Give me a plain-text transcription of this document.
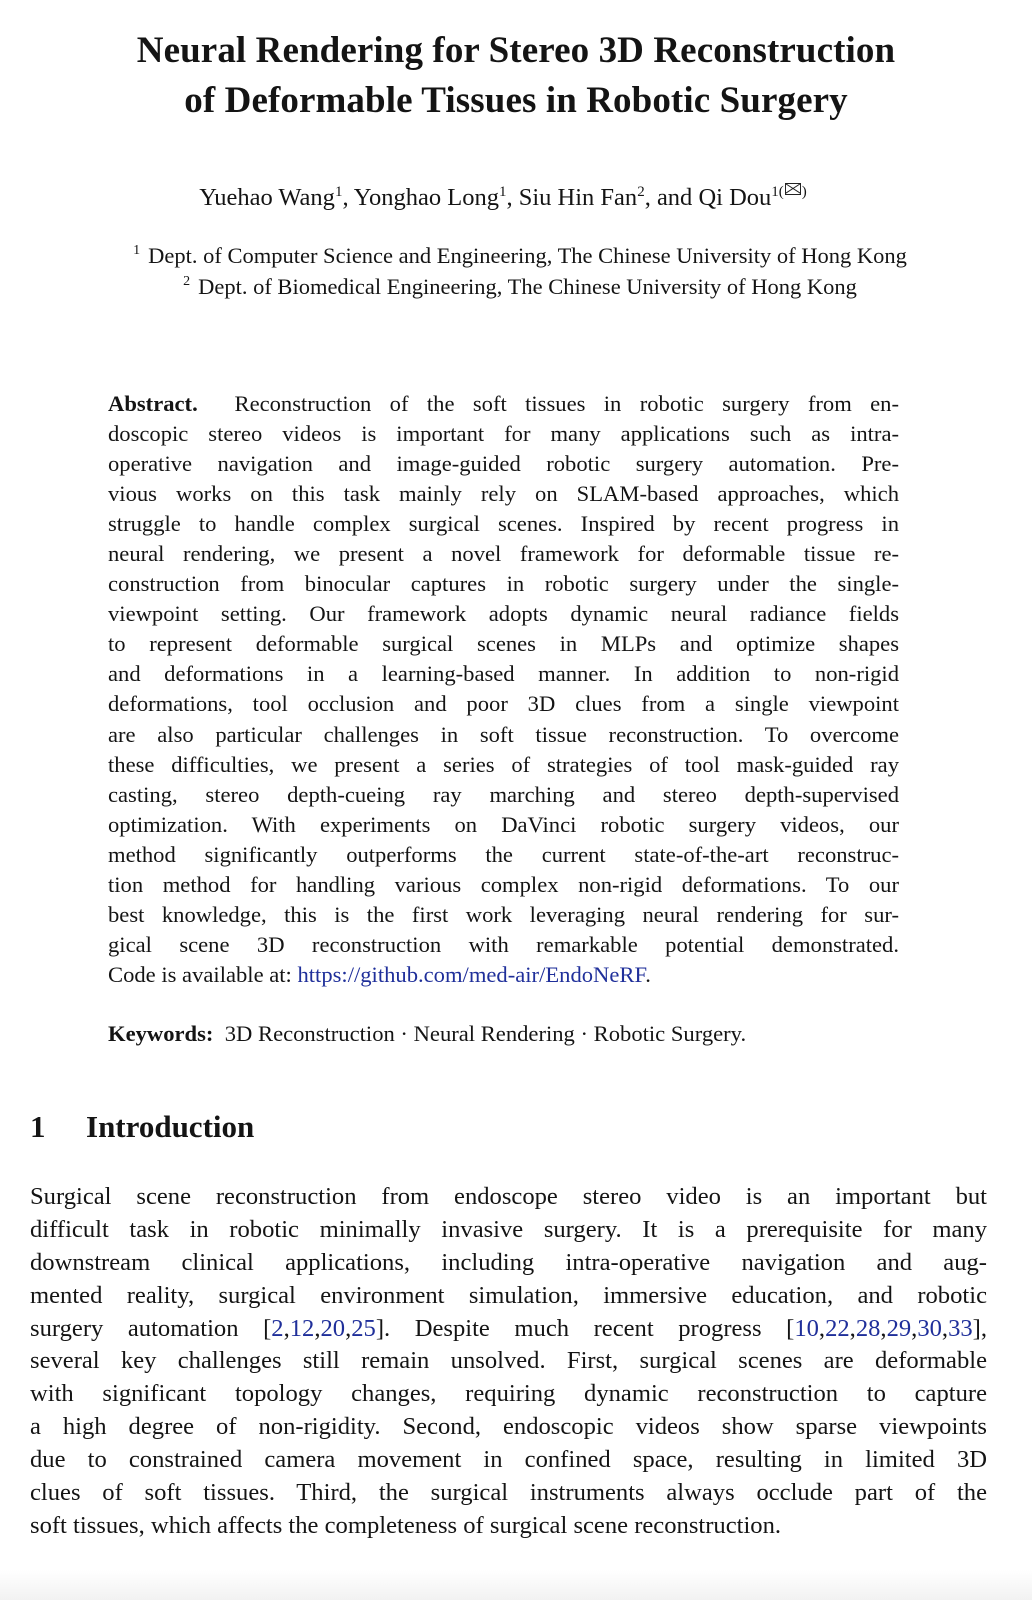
Neural Rendering for Stereo 3D Reconstruction
of Deformable Tissues in Robotic Surgery
Yuehao Wang$^1$, Yonghao Long$^1$, Siu Hin Fan$^2$, and Qi Dou$^{1( )}$
$^1$ Dept. of Computer Science and Engineering, The Chinese University of Hong Kong
$^2$ Dept. of Biomedical Engineering, The Chinese University of Hong Kong
Abstract. Reconstruction of the soft tissues in robotic surgery from en-
doscopic stereo videos is important for many applications such as intra-
operative navigation and image-guided robotic surgery automation. Pre-
vious works on this task mainly rely on SLAM-based approaches, which
struggle to handle complex surgical scenes. Inspired by recent progress in
neural rendering, we present a novel framework for deformable tissue re-
construction from binocular captures in robotic surgery under the single-
viewpoint setting. Our framework adopts dynamic neural radiance fields
to represent deformable surgical scenes in MLPs and optimize shapes
and deformations in a learning-based manner. In addition to non-rigid
deformations, tool occlusion and poor 3D clues from a single viewpoint
are also particular challenges in soft tissue reconstruction. To overcome
these difficulties, we present a series of strategies of tool mask-guided ray
casting, stereo depth-cueing ray marching and stereo depth-supervised
optimization. With experiments on DaVinci robotic surgery videos, our
method significantly outperforms the current state-of-the-art reconstruc-
tion method for handling various complex non-rigid deformations. To our
best knowledge, this is the first work leveraging neural rendering for sur-
gical scene 3D reconstruction with remarkable potential demonstrated.
Code is available at: https://github.com/med-air/EndoNeRF.
Keywords: 3D Reconstruction · Neural Rendering · Robotic Surgery.
1 Introduction
Surgical scene reconstruction from endoscope stereo video is an important but
difficult task in robotic minimally invasive surgery. It is a prerequisite for many
downstream clinical applications, including intra-operative navigation and aug-
mented reality, surgical environment simulation, immersive education, and robotic
surgery automation [2,12,20,25]. Despite much recent progress [10,22,28,29,30,33],
several key challenges still remain unsolved. First, surgical scenes are deformable
with significant topology changes, requiring dynamic reconstruction to capture
a high degree of non-rigidity. Second, endoscopic videos show sparse viewpoints
due to constrained camera movement in confined space, resulting in limited 3D
clues of soft tissues. Third, the surgical instruments always occlude part of the
soft tissues, which affects the completeness of surgical scene reconstruction.
